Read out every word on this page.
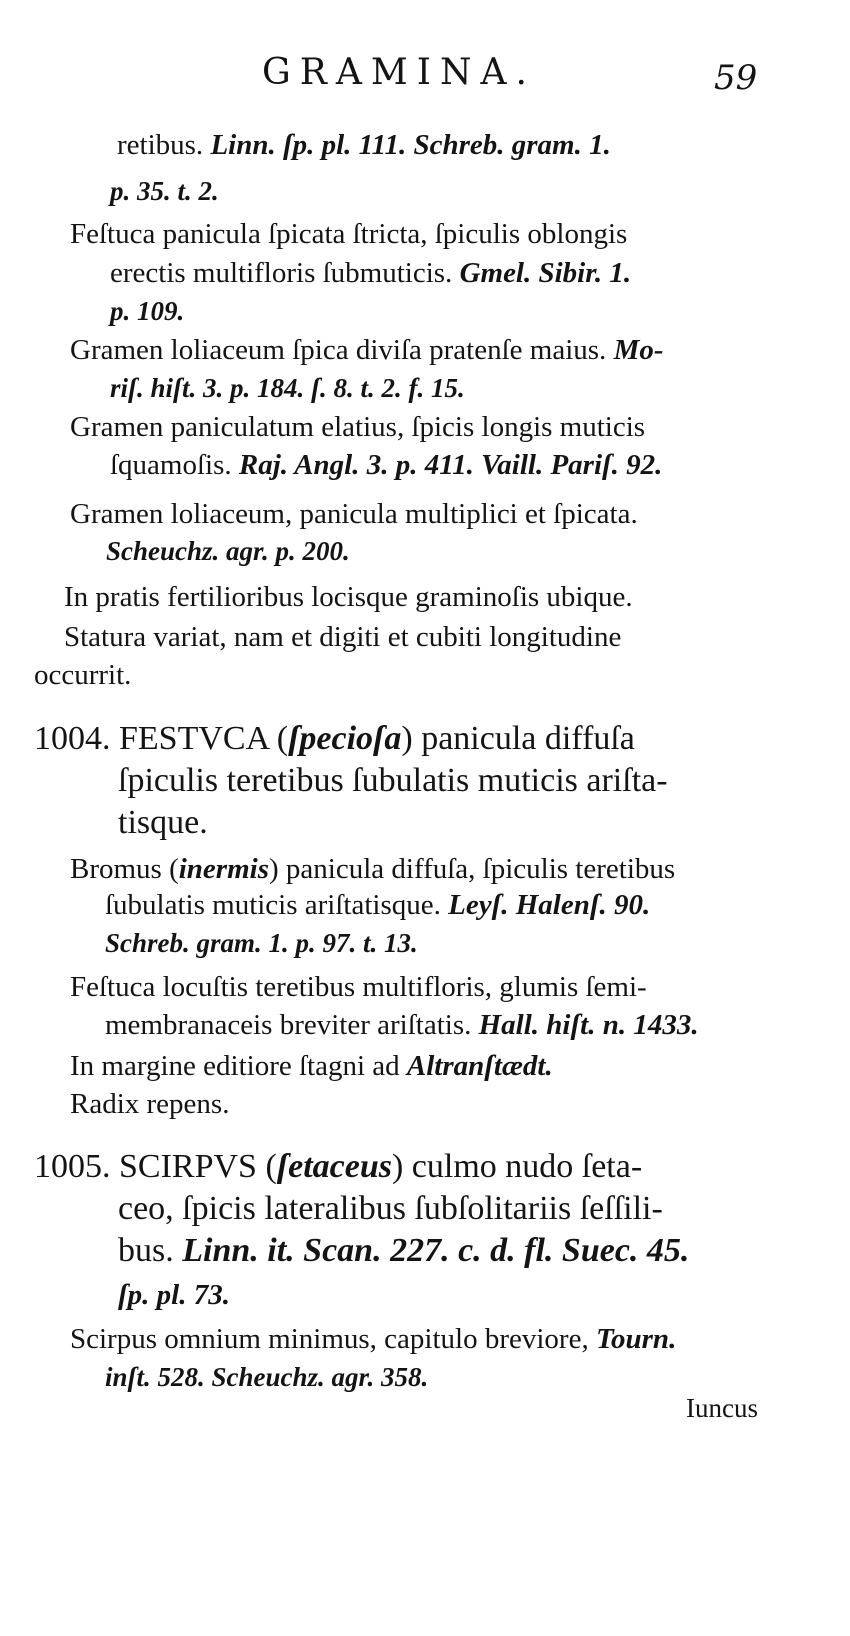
GRAMINA.	59
retibus. Linn. ſp. pl. 111. Schreb. gram. 1.
p. 35. t. 2.
Feſtuca panicula ſpicata ſtricta, ſpiculis oblongis
erectis multifloris ſubmuticis. Gmel. Sibir. 1.
p. 109.
Gramen loliaceum ſpica diviſa pratenſe maius. Mo-
riſ. hiſt. 3. p. 184. ſ. 8. t. 2. f. 15.
Gramen paniculatum elatius, ſpicis longis muticis
ſquamoſis. Raj. Angl. 3. p. 411. Vaill. Pariſ. 92.
Gramen loliaceum, panicula multiplici et ſpicata.
Scheuchz. agr. p. 200.
In pratis fertilioribus locisque graminoſis ubique.
Statura variat, nam et digiti et cubiti longitudine
occurrit.
1004. FESTVCA (ſpecioſa) panicula diffuſa
ſpiculis teretibus ſubulatis muticis ariſta-
tisque.
Bromus (inermis) panicula diffuſa, ſpiculis teretibus
ſubulatis muticis ariſtatisque. Leyſ. Halenſ. 90.
Schreb. gram. 1. p. 97. t. 13.
Feſtuca locuſtis teretibus multifloris, glumis ſemi-
membranaceis breviter ariſtatis. Hall. hiſt. n. 1433.
In margine editiore ſtagni ad Altranſtædt.
Radix repens.
1005. SCIRPVS (ſetaceus) culmo nudo ſeta-
ceo, ſpicis lateralibus ſubſolitariis ſeſſili-
bus. Linn. it. Scan. 227. c. d. fl. Suec. 45.
ſp. pl. 73.
Scirpus omnium minimus, capitulo breviore, Tourn.
inſt. 528. Scheuchz. agr. 358.
Iuncus
